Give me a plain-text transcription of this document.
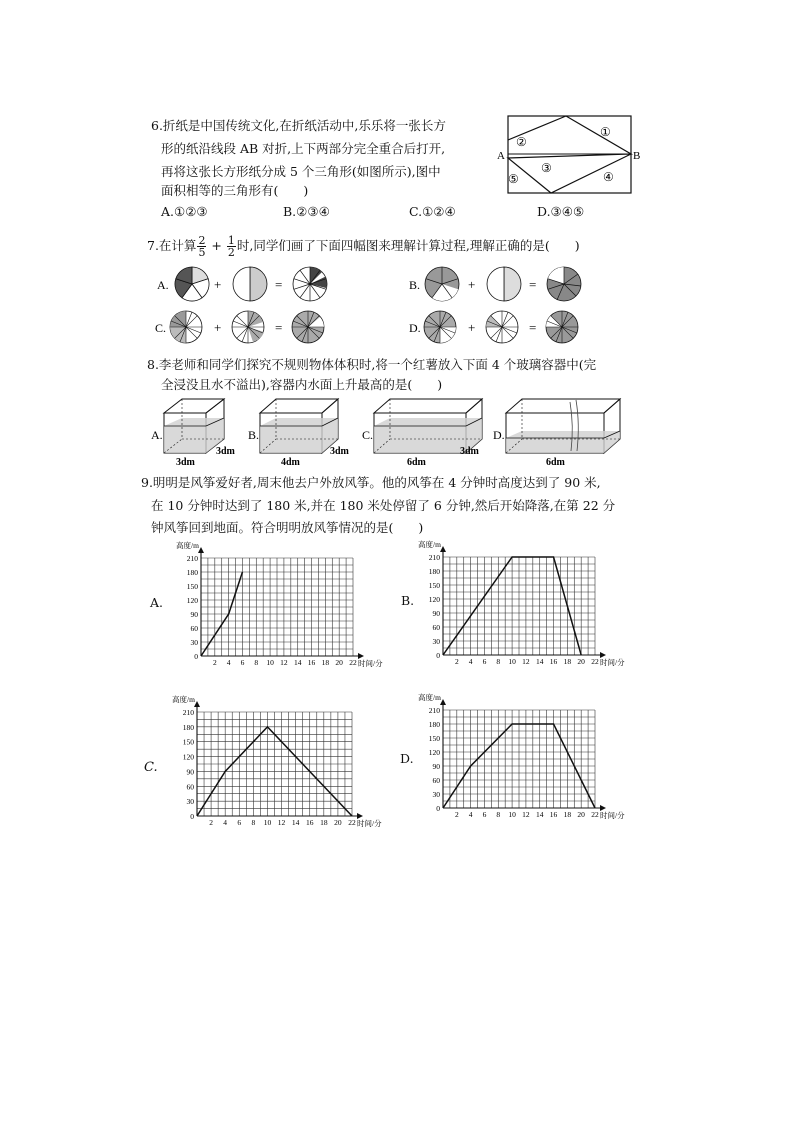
6.折纸是中国传统文化,在折纸活动中,乐乐将一张长方
形的纸沿线段 AB 对折,上下两部分完全重合后打开,
再将这张长方形纸分成 5 个三角形(如图所示),图中
面积相等的三角形有(　　)
A	B
①
②
③
④
⑤
A.①②③	B.②③④	C.①②④	D.③④⑤
7.在计算 $\frac{2}{5} + \frac{1}{2}$ 时,同学们画了下面四幅图来理解计算过程,理解正确的是(　　)
A.	B.
C.	D.
+	=	+	=
+	=	+	=
8.李老师和同学们探究不规则物体体积时,将一个红薯放入下面 4 个玻璃容器中(完
全浸没且水不溢出),容器内水面上升最高的是(　　)
A.
3dm
3dm
B.
4dm
3dm
C.
6dm
3dm
D.
6dm
9.明明是风筝爱好者,周末他去户外放风筝。他的风筝在 4 分钟时高度达到了 90 米,
在 10 分钟时达到了 180 米,并在 180 米处停留了 6 分钟,然后开始降落,在第 22 分
钟风筝回到地面。符合明明放风筝情况的是(　　)
A.	B.
C.
D.
2 4 6 8 10 12 14 16 18 20 22
0
30
60
90
120
150
180
210
高度/m
时间/分	2 4 6 8 10 12 14 16 18 20 22
0
30
60
90
120
150
180
210
高度/m
时间/分
2 4 6 8 10 12 14 16 18 20 22
0
30
60
90
120
150
180
210
高度/m
时间/分
2 4 6 8 10 12 14 16 18 20 22
0
30
60
90
120
150
180
210
高度/m
时间/分
